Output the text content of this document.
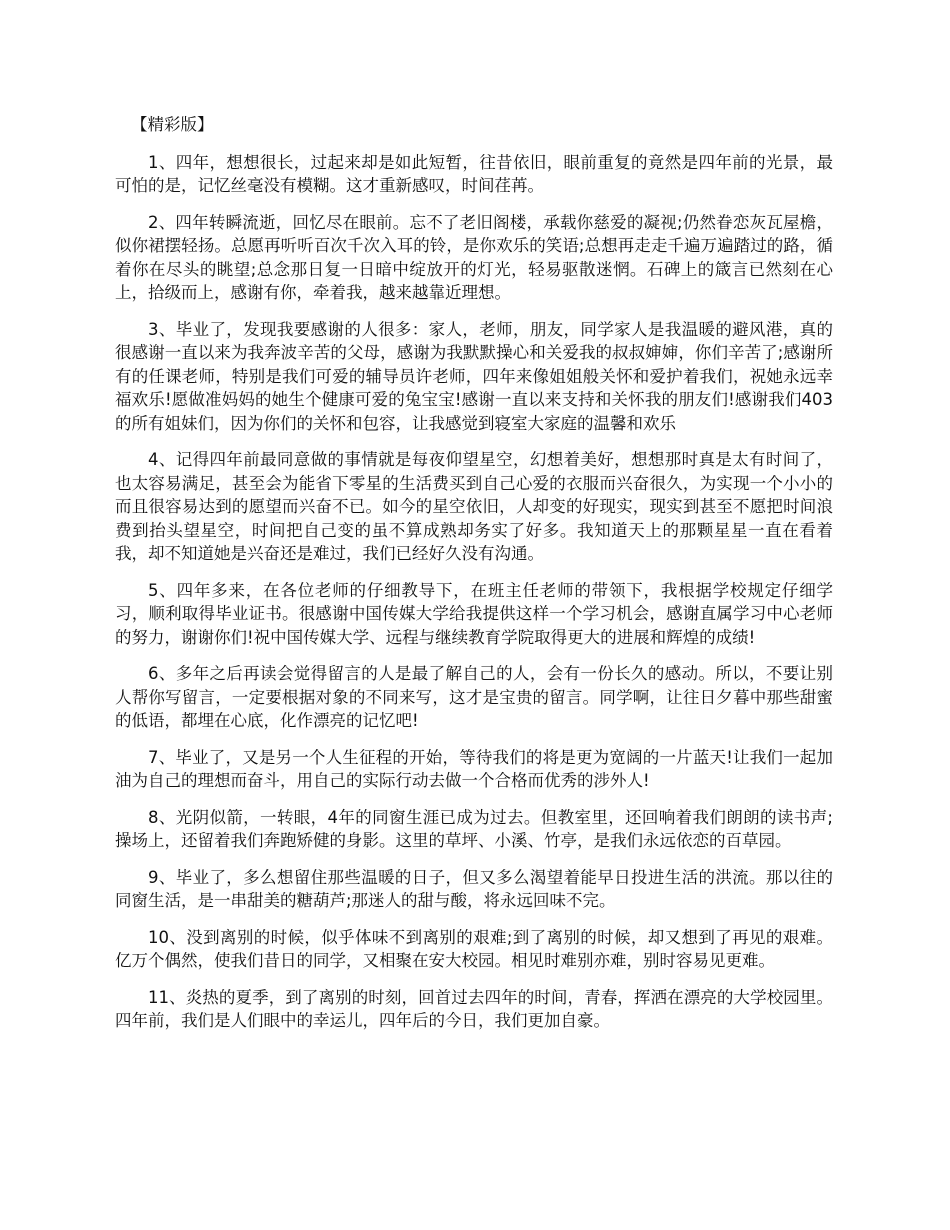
【精彩版】

1、四年，想想很长，过起来却是如此短暂，往昔依旧，眼前重复的竟然是四年前的光景，最可怕的是，记忆丝毫没有模糊。这才重新感叹，时间荏苒。

2、四年转瞬流逝，回忆尽在眼前。忘不了老旧阁楼，承载你慈爱的凝视;仍然眷恋灰瓦屋檐，似你裙摆轻扬。总愿再听听百次千次入耳的铃，是你欢乐的笑语;总想再走走千遍万遍踏过的路，循着你在尽头的眺望;总念那日复一日暗中绽放开的灯光，轻易驱散迷惘。石碑上的箴言已然刻在心上，拾级而上，感谢有你，牵着我，越来越靠近理想。

3、毕业了，发现我要感谢的人很多：家人，老师，朋友，同学家人是我温暖的避风港，真的很感谢一直以来为我奔波辛苦的父母，感谢为我默默操心和关爱我的叔叔婶婶，你们辛苦了;感谢所有的任课老师，特别是我们可爱的辅导员许老师，四年来像姐姐般关怀和爱护着我们，祝她永远幸福欢乐!愿做准妈妈的她生个健康可爱的兔宝宝!感谢一直以来支持和关怀我的朋友们!感谢我们403的所有姐妹们，因为你们的关怀和包容，让我感觉到寝室大家庭的温馨和欢乐

4、记得四年前最同意做的事情就是每夜仰望星空，幻想着美好，想想那时真是太有时间了，也太容易满足，甚至会为能省下零星的生活费买到自己心爱的衣服而兴奋很久，为实现一个小小的而且很容易达到的愿望而兴奋不已。如今的星空依旧，人却变的好现实，现实到甚至不愿把时间浪费到抬头望星空，时间把自己变的虽不算成熟却务实了好多。我知道天上的那颗星星一直在看着我，却不知道她是兴奋还是难过，我们已经好久没有沟通。

5、四年多来，在各位老师的仔细教导下，在班主任老师的带领下，我根据学校规定仔细学习，顺利取得毕业证书。很感谢中国传媒大学给我提供这样一个学习机会，感谢直属学习中心老师的努力，谢谢你们!祝中国传媒大学、远程与继续教育学院取得更大的进展和辉煌的成绩!

6、多年之后再读会觉得留言的人是最了解自己的人，会有一份长久的感动。所以，不要让别人帮你写留言，一定要根据对象的不同来写，这才是宝贵的留言。同学啊，让往日夕暮中那些甜蜜的低语，都埋在心底，化作漂亮的记忆吧!

7、毕业了，又是另一个人生征程的开始，等待我们的将是更为宽阔的一片蓝天!让我们一起加油为自己的理想而奋斗，用自己的实际行动去做一个合格而优秀的涉外人!

8、光阴似箭，一转眼，4年的同窗生涯已成为过去。但教室里，还回响着我们朗朗的读书声;操场上，还留着我们奔跑矫健的身影。这里的草坪、小溪、竹亭，是我们永远依恋的百草园。

9、毕业了，多么想留住那些温暖的日子，但又多么渴望着能早日投进生活的洪流。那以往的同窗生活，是一串甜美的糖葫芦;那迷人的甜与酸，将永远回味不完。

10、没到离别的时候，似乎体味不到离别的艰难;到了离别的时候，却又想到了再见的艰难。亿万个偶然，使我们昔日的同学，又相聚在安大校园。相见时难别亦难，别时容易见更难。

11、炎热的夏季，到了离别的时刻，回首过去四年的时间，青春，挥洒在漂亮的大学校园里。四年前，我们是人们眼中的幸运儿，四年后的今日，我们更加自豪。
